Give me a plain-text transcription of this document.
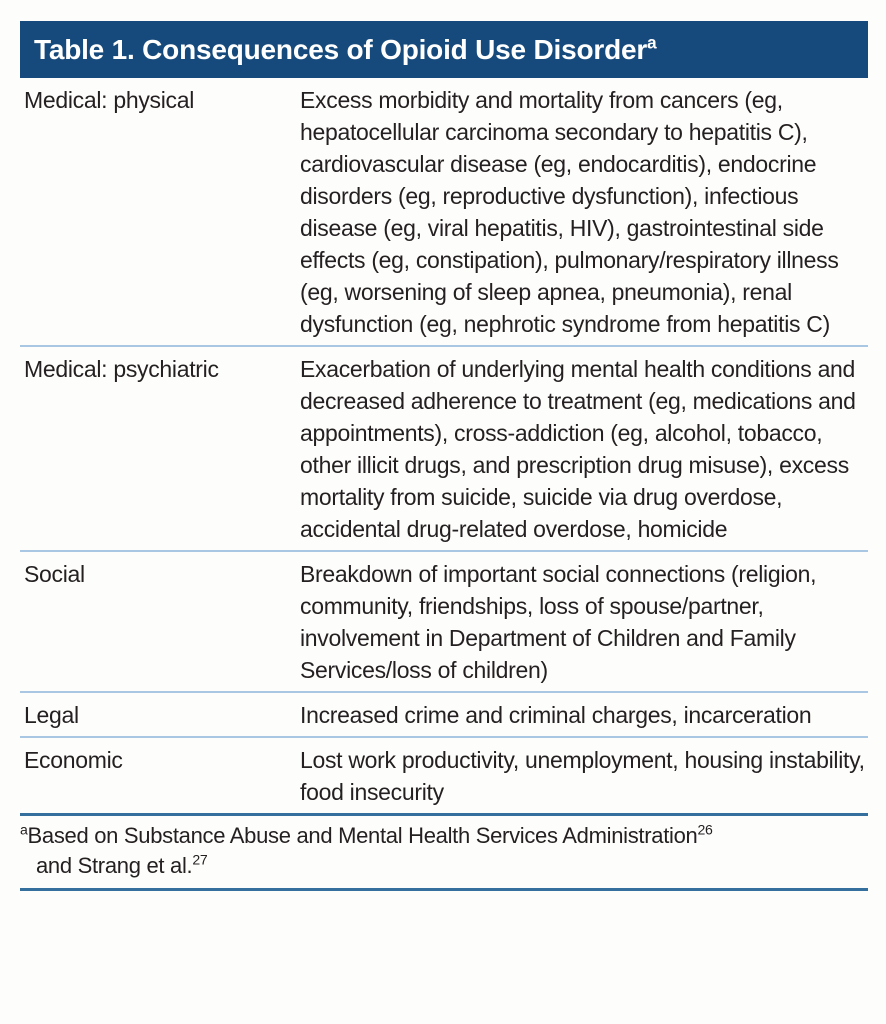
Table 1. Consequences of Opioid Use Disorder$^a$
Medical: physical	Excess morbidity and mortality from cancers (eg, hepatocellular carcinoma secondary to hepatitis C), cardiovascular disease (eg, endocarditis), endocrine disorders (eg, reproductive dysfunction), infectious disease (eg, viral hepatitis, HIV), gastrointestinal side effects (eg, constipation), pulmonary/respiratory illness (eg, worsening of sleep apnea, pneumonia), renal dysfunction (eg, nephrotic syndrome from hepatitis C)
Medical: psychiatric	Exacerbation of underlying mental health conditions and decreased adherence to treatment (eg, medications and appointments), cross-addiction (eg, alcohol, tobacco, other illicit drugs, and prescription drug misuse), excess mortality from suicide, suicide via drug overdose, accidental drug-related overdose, homicide
Social	Breakdown of important social connections (religion, community, friendships, loss of spouse/partner, involvement in Department of Children and Family Services/loss of children)
Legal	Increased crime and criminal charges, incarceration
Economic	Lost work productivity, unemployment, housing instability, food insecurity
$^a$Based on Substance Abuse and Mental Health Services Administration$^{26}$
and Strang et al.$^{27}$
